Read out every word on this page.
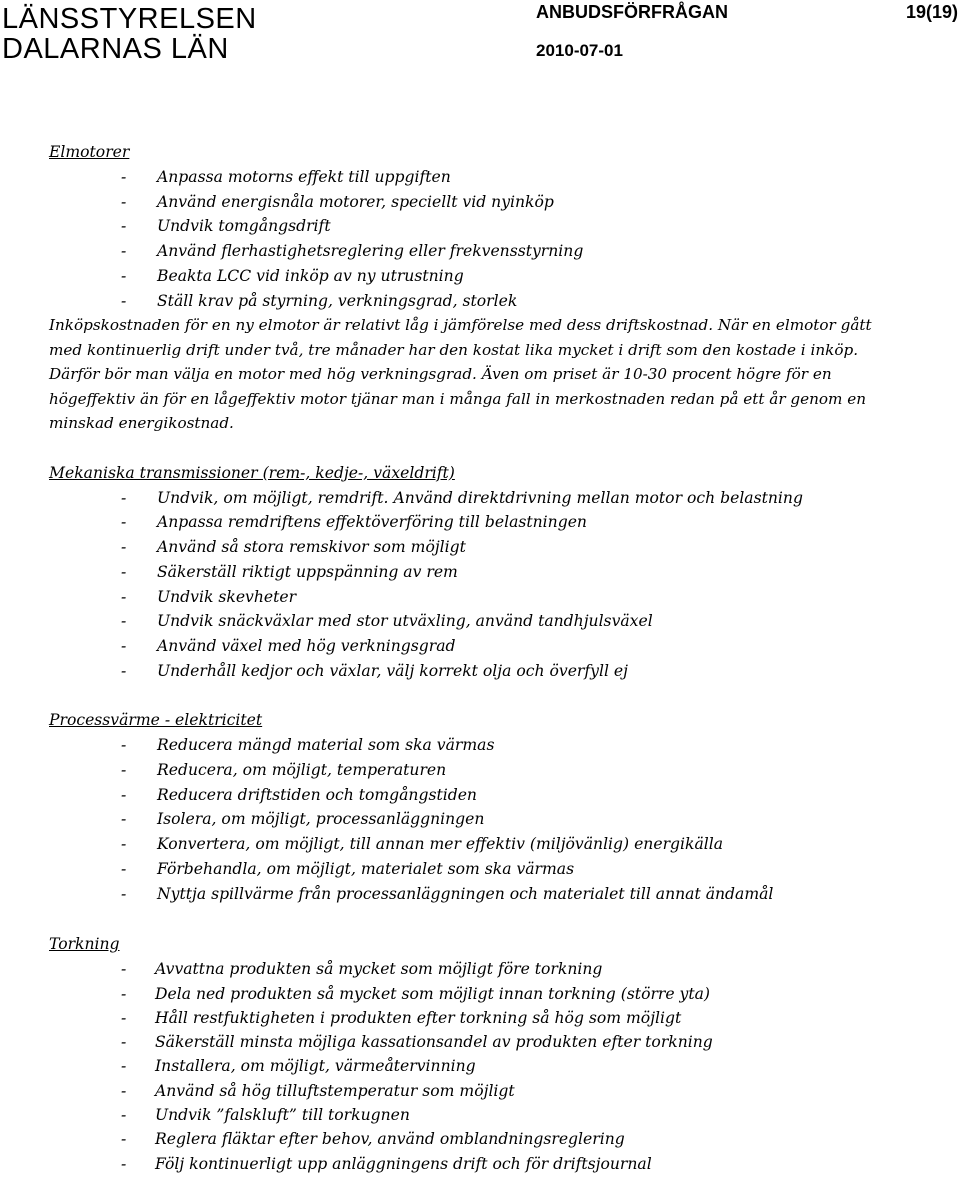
LÄNSSTYRELSEN
DALARNAS LÄN
ANBUDSFÖRFRÅGAN	19(19)
2010-07-01
Elmotorer
- Anpassa motorns effekt till uppgiften
- Använd energisnåla motorer, speciellt vid nyinköp
- Undvik tomgångsdrift
- Använd flerhastighetsreglering eller frekvensstyrning
- Beakta LCC vid inköp av ny utrustning
- Ställ krav på styrning, verkningsgrad, storlek
Inköpskostnaden för en ny elmotor är relativt låg i jämförelse med dess driftskostnad. När en elmotor gått
med kontinuerlig drift under två, tre månader har den kostat lika mycket i drift som den kostade i inköp.
Därför bör man välja en motor med hög verkningsgrad. Även om priset är 10-30 procent högre för en
högeffektiv än för en lågeffektiv motor tjänar man i många fall in merkostnaden redan på ett år genom en
minskad energikostnad.
Mekaniska transmissioner (rem-, kedje-, växeldrift)
- Undvik, om möjligt, remdrift. Använd direktdrivning mellan motor och belastning
- Anpassa remdriftens effektöverföring till belastningen
- Använd så stora remskivor som möjligt
- Säkerställ riktigt uppspänning av rem
- Undvik skevheter
- Undvik snäckväxlar med stor utväxling, använd tandhjulsväxel
- Använd växel med hög verkningsgrad
- Underhåll kedjor och växlar, välj korrekt olja och överfyll ej
Processvärme - elektricitet
- Reducera mängd material som ska värmas
- Reducera, om möjligt, temperaturen
- Reducera driftstiden och tomgångstiden
- Isolera, om möjligt, processanläggningen
- Konvertera, om möjligt, till annan mer effektiv (miljövänlig) energikälla
- Förbehandla, om möjligt, materialet som ska värmas
- Nyttja spillvärme från processanläggningen och materialet till annat ändamål
Torkning
- Avvattna produkten så mycket som möjligt före torkning
- Dela ned produkten så mycket som möjligt innan torkning (större yta)
- Håll restfuktigheten i produkten efter torkning så hög som möjligt
- Säkerställ minsta möjliga kassationsandel av produkten efter torkning
- Installera, om möjligt, värmeåtervinning
- Använd så hög tilluftstemperatur som möjligt
- Undvik ”falskluft” till torkugnen
- Reglera fläktar efter behov, använd omblandningsreglering
- Följ kontinuerligt upp anläggningens drift och för driftsjournal
